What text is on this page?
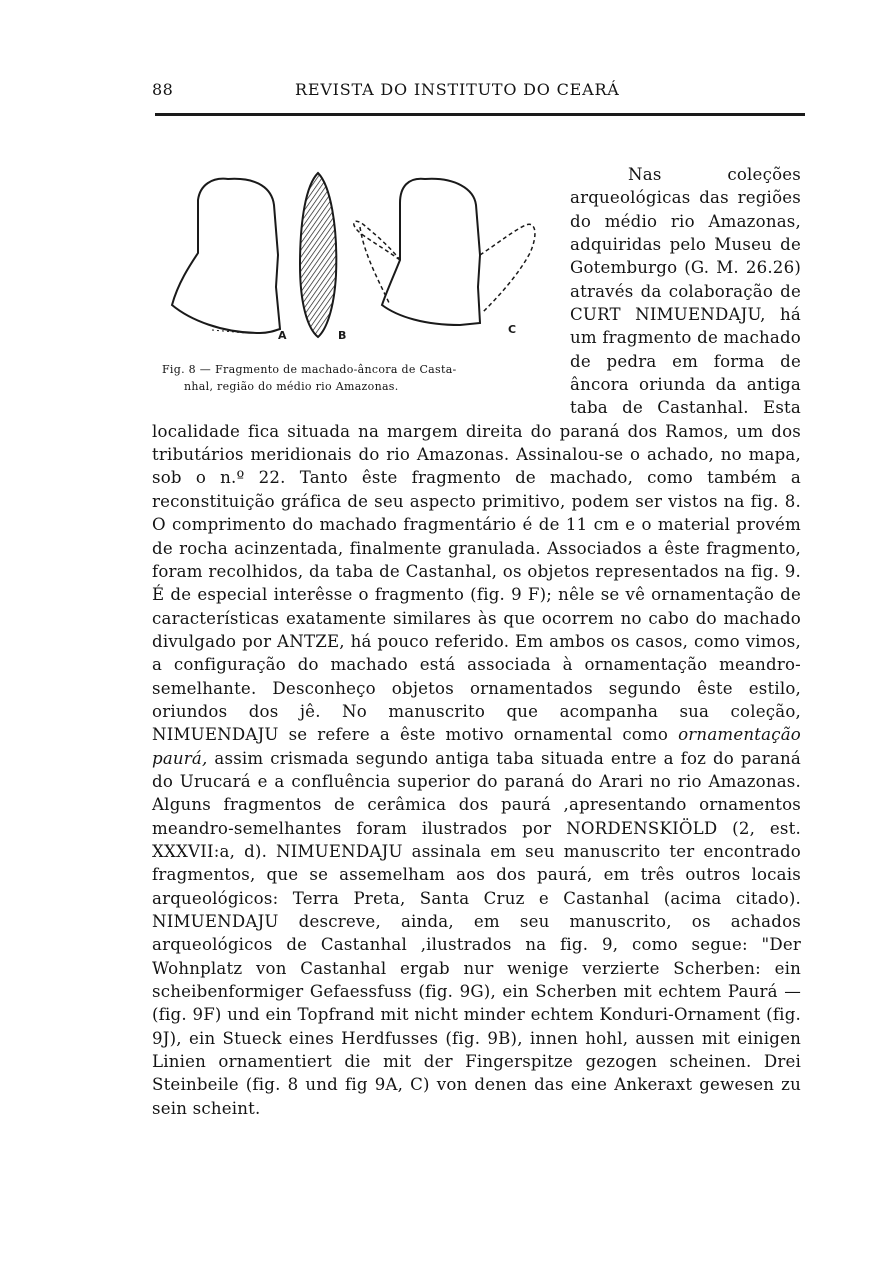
88	REVISTA DO INSTITUTO DO CEARÁ

Nas coleções arqueológicas das regiões do médio rio Amazonas, adquiridas pelo Museu de Gotemburgo (G. M. 26.26) através da colaboração de CURT NIMUENDAJU, há um fragmento de machado de pedra em forma de âncora oriunda da antiga taba de Castanhal. Esta localidade fica situada na margem direita do paraná dos Ramos, um dos tributários meridionais do rio Amazonas. Assinalou-se o achado, no mapa, sob o n.º 22. Tanto êste fragmento de machado, como também a reconstituição gráfica de seu aspecto primitivo, podem ser vistos na fig. 8. O comprimento do machado fragmentário é de 11 cm e o material provém de rocha acinzentada, finalmente granulada. Associados a êste fragmento, foram recolhidos, da taba de Castanhal, os objetos representados na fig. 9. É de especial interêsse o fragmento (fig. 9 F); nêle se vê ornamentação de características exatamente similares às que ocorrem no cabo do machado divulgado por ANTZE, há pouco referido. Em ambos os casos, como vimos, a configuração do machado está associada à ornamentação meandro-semelhante. Desconheço objetos ornamentados segundo êste estilo, oriundos dos jê. No manuscrito que acompanha sua coleção, NIMUENDAJU se refere a êste motivo ornamental como ornamentação paurá, assim crismada segundo antiga taba situada entre a foz do paraná do Urucará e a confluência superior do paraná do Arari no rio Amazonas. Alguns fragmentos de cerâmica dos paurá ,apresentando ornamentos meandro-semelhantes foram ilustrados por NORDENSKIÖLD (2, est. XXXVII:a, d). NIMUENDAJU assinala em seu manuscrito ter encontrado fragmentos, que se assemelham aos dos paurá, em três outros locais arqueológicos: Terra Preta, Santa Cruz e Castanhal (acima citado). NIMUENDAJU descreve, ainda, em seu manuscrito, os achados arqueológicos de Castanhal ,ilustrados na fig. 9, como segue: "Der Wohnplatz von Castanhal ergab nur wenige verzierte Scherben: ein scheibenformiger Gefaessfuss (fig. 9G), ein Scherben mit echtem Paurá — (fig. 9F) und ein Topfrand mit nicht minder echtem Konduri-Ornament (fig. 9J), ein Stueck eines Herdfusses (fig. 9B), innen hohl, aussen mit einigen Linien ornamentiert die mit der Fingerspitze gezogen scheinen. Drei Steinbeile (fig. 8 und fig 9A, C) von denen das eine Ankeraxt gewesen zu sein scheint.

A	B	C
Fig. 8 — Fragmento de machado-âncora de Casta-
nhal, região do médio rio Amazonas.
